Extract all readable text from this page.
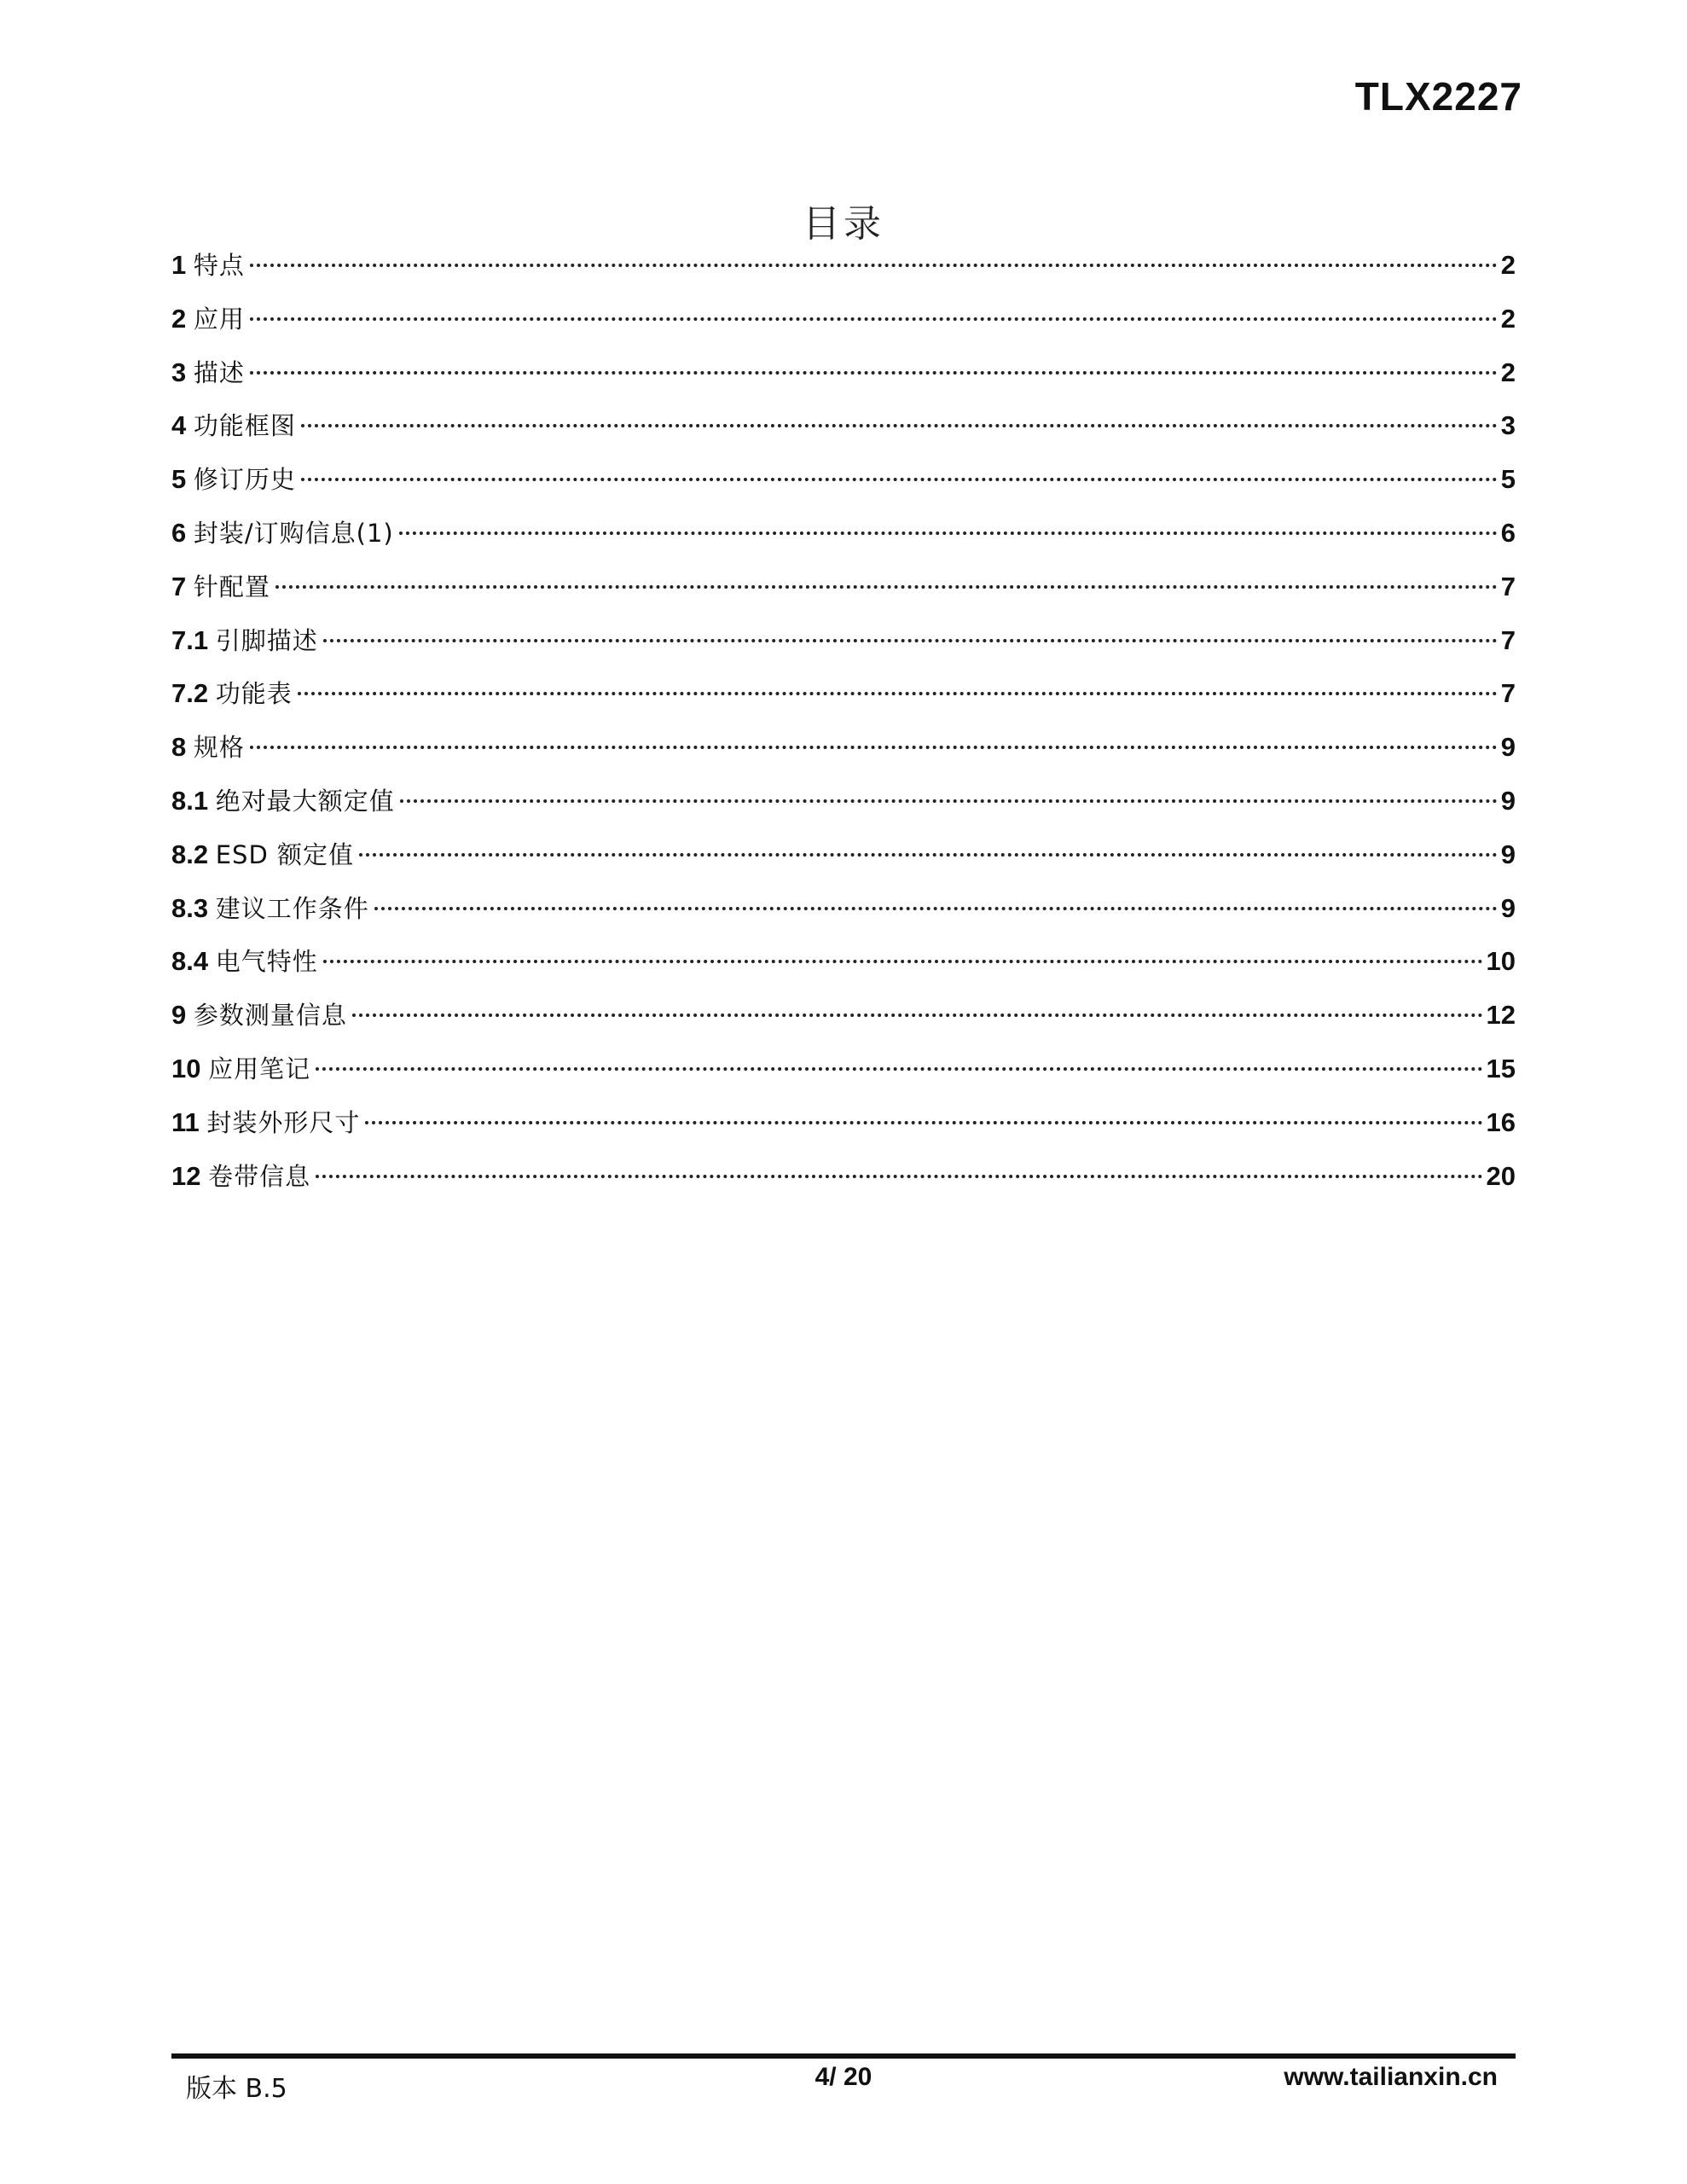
TLX2227
目录
1 特点	2
2 应用	2
3 描述	2
4 功能框图	3
5 修订历史	5
6 封装/订购信息(1)	6
7 针配置	7
7.1 引脚描述	7
7.2 功能表	7
8 规格	9
8.1 绝对最大额定值	9
8.2 ESD 额定值	9
8.3 建议工作条件	9
8.4 电气特性	10
9 参数测量信息	12
10 应用笔记	15
11 封装外形尺寸	16
12 卷带信息	20
版本 B.5	4/ 20	www.tailianxin.cn
